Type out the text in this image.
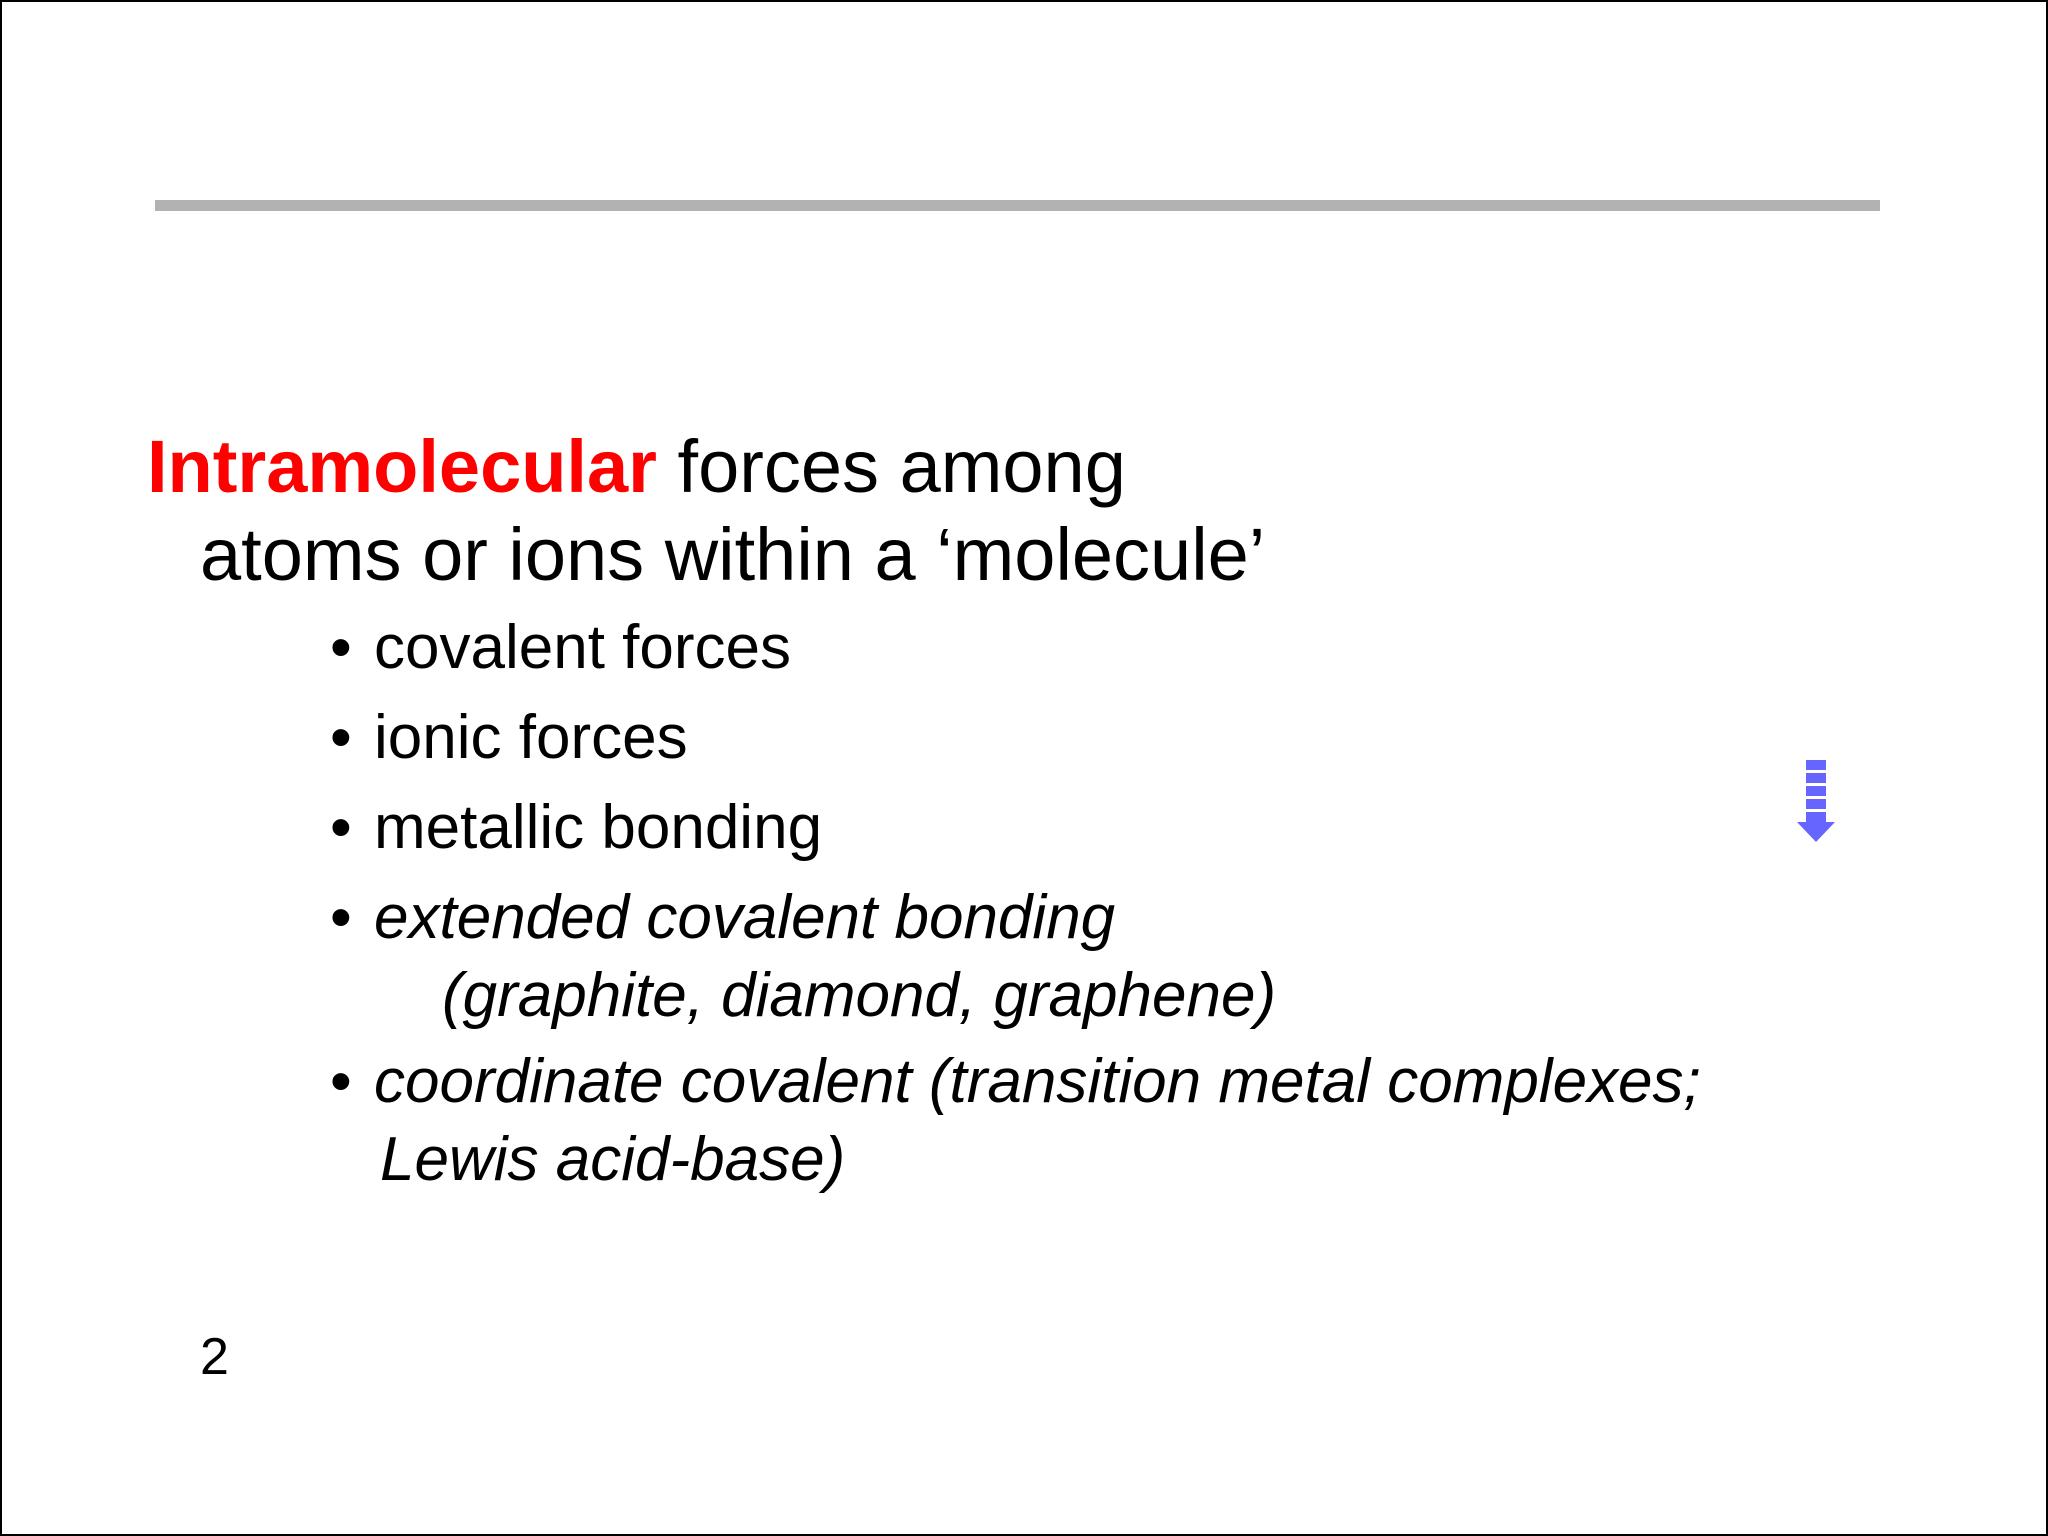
Intramolecular forces among
atoms or ions within a ‘molecule’
• covalent forces
• ionic forces
• metallic bonding
• extended covalent bonding
(graphite, diamond, graphene)
• coordinate covalent (transition metal complexes;
Lewis acid-base)
2
